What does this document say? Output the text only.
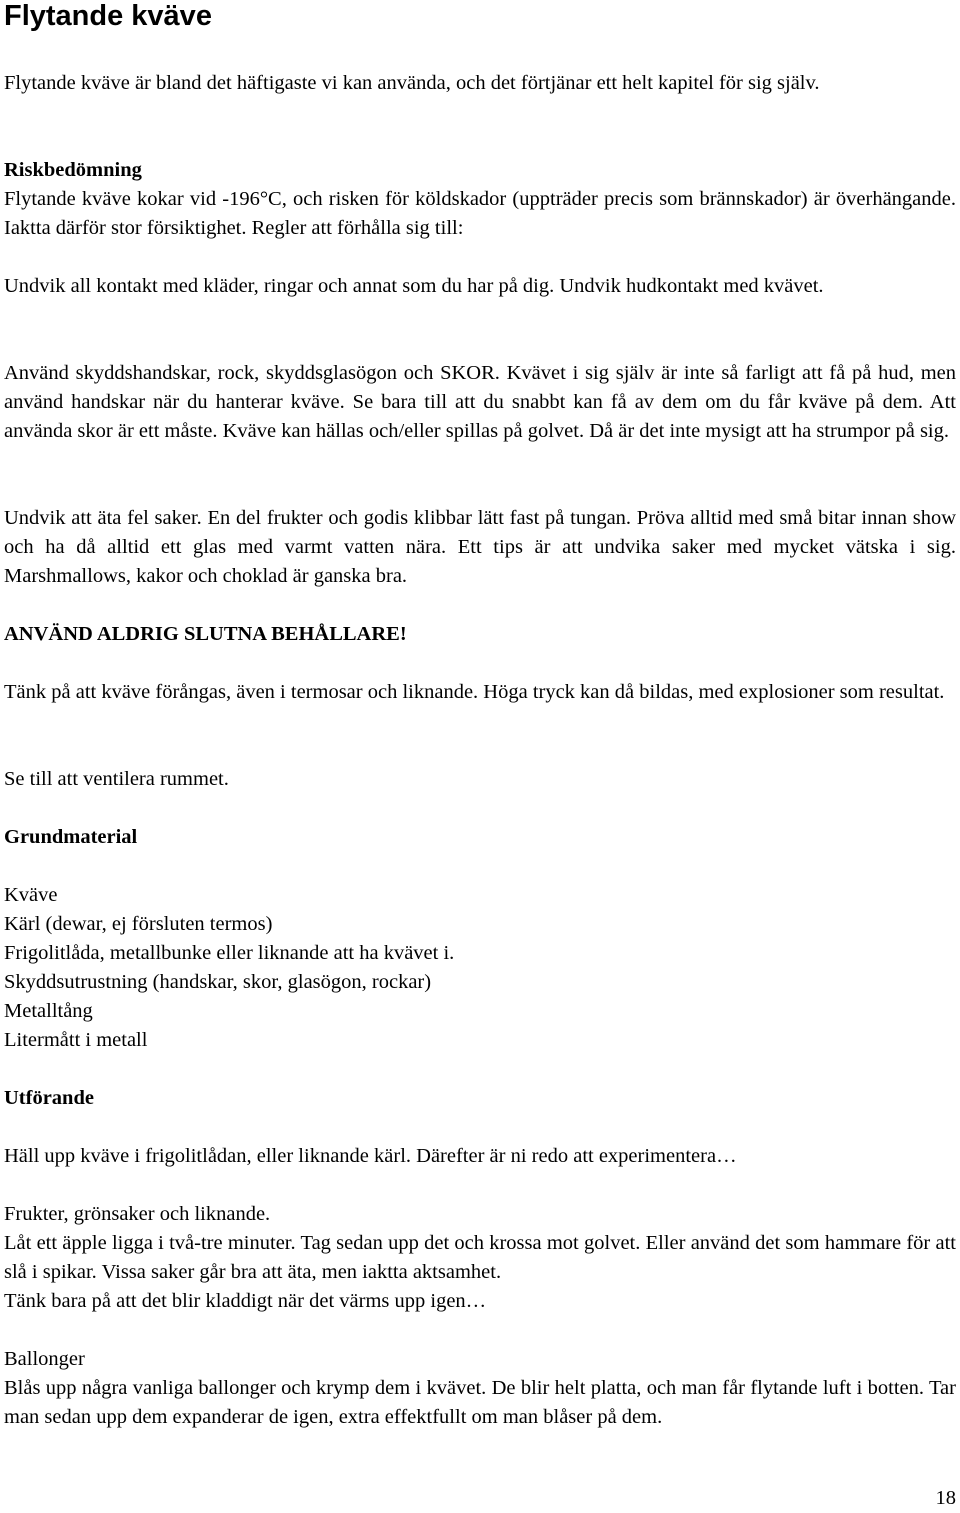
Flytande kväve

Flytande kväve är bland det häftigaste vi kan använda, och det förtjänar ett helt kapitel för sig själv.

Riskbedömning

Flytande kväve kokar vid -196°C, och risken för köldskador (uppträder precis som brännskador) är överhängande. Iaktta därför stor försiktighet. Regler att förhålla sig till:

Undvik all kontakt med kläder, ringar och annat som du har på dig. Undvik hudkontakt med kvävet.

Använd skyddshandskar, rock, skyddsglasögon och SKOR. Kvävet i sig själv är inte så farligt att få på hud, men använd handskar när du hanterar kväve. Se bara till att du snabbt kan få av dem om du får kväve på dem. Att använda skor är ett måste. Kväve kan hällas och/eller spillas på golvet. Då är det inte mysigt att ha strumpor på sig.

Undvik att äta fel saker. En del frukter och godis klibbar lätt fast på tungan. Pröva alltid med små bitar innan show och ha då alltid ett glas med varmt vatten nära. Ett tips är att undvika saker med mycket vätska i sig. Marshmallows, kakor och choklad är ganska bra.

ANVÄND ALDRIG SLUTNA BEHÅLLARE!

Tänk på att kväve förångas, även i termosar och liknande. Höga tryck kan då bildas, med explosioner som resultat.

Se till att ventilera rummet.

Grundmaterial

Kväve

Kärl (dewar, ej försluten termos)

Frigolitlåda, metallbunke eller liknande att ha kvävet i.

Skyddsutrustning (handskar, skor, glasögon, rockar)

Metalltång

Litermått i metall

Utförande

Häll upp kväve i frigolitlådan, eller liknande kärl. Därefter är ni redo att experimentera…

Frukter, grönsaker och liknande.

Låt ett äpple ligga i två-tre minuter. Tag sedan upp det och krossa mot golvet. Eller använd det som hammare för att slå i spikar. Vissa saker går bra att äta, men iaktta aktsamhet.

Tänk bara på att det blir kladdigt när det värms upp igen…

Ballonger

Blås upp några vanliga ballonger och krymp dem i kvävet. De blir helt platta, och man får flytande luft i botten. Tar man sedan upp dem expanderar de igen, extra effektfullt om man blåser på dem.

18
